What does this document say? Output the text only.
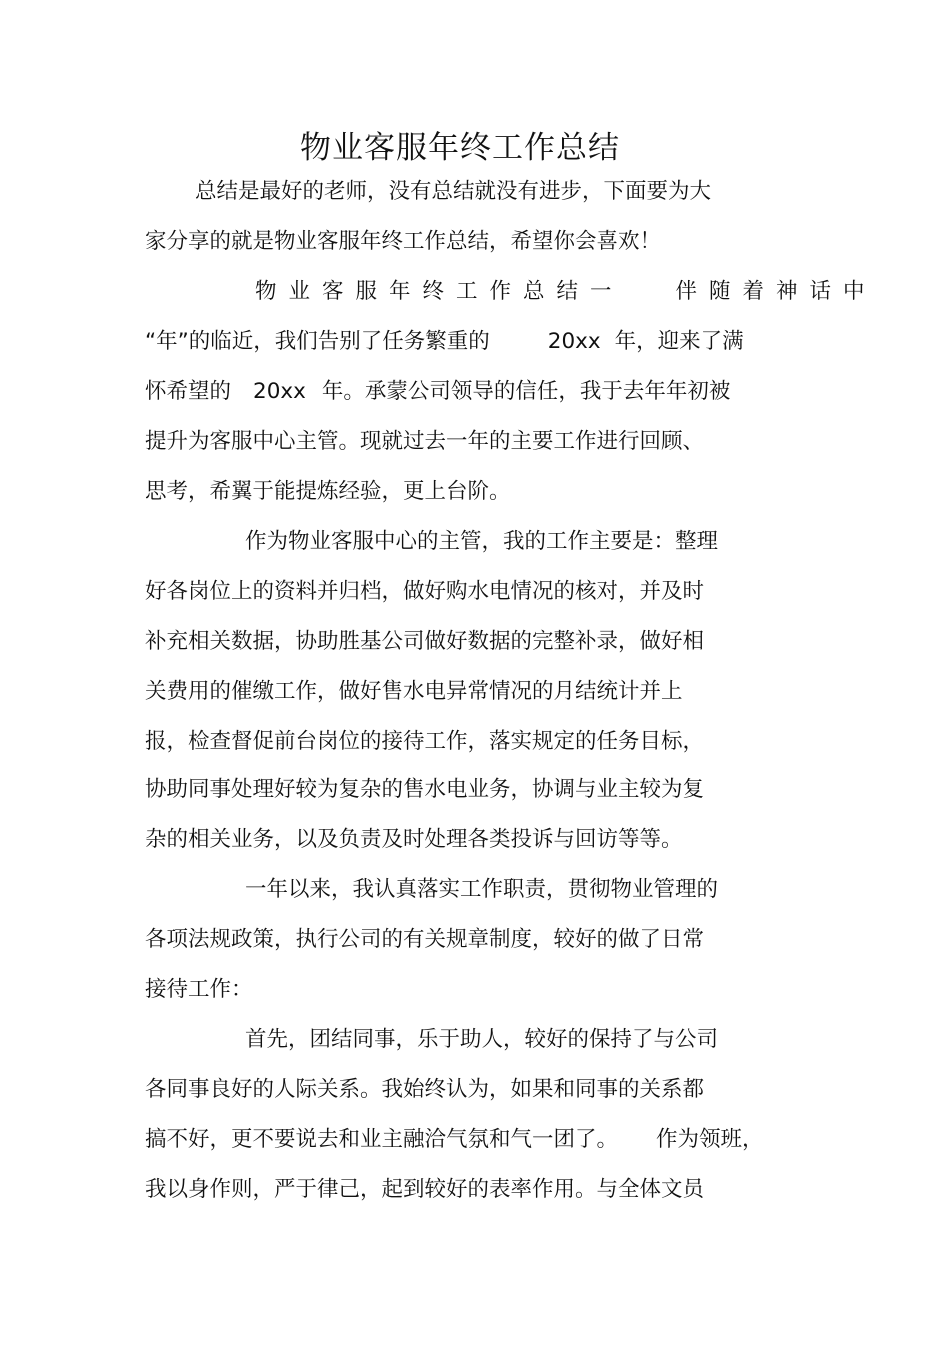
物业客服年终工作总结
总结是最好的老师，没有总结就没有进步，下面要为大
家分享的就是物业客服年终工作总结，希望你会喜欢！
物业客服年终工作总结一 伴随着神话中
“年”的临近，我们告别了任务繁重的	20xx 年，迎来了满
怀希望的 20xx 年。承蒙公司领导的信任，我于去年年初被
提升为客服中心主管。现就过去一年的主要工作进行回顾、
思考，希翼于能提炼经验，更上台阶。
作为物业客服中心的主管，我的工作主要是：整理
好各岗位上的资料并归档，做好购水电情况的核对，并及时
补充相关数据，协助胜基公司做好数据的完整补录，做好相
关费用的催缴工作，做好售水电异常情况的月结统计并上
报，检查督促前台岗位的接待工作，落实规定的任务目标，
协助同事处理好较为复杂的售水电业务，协调与业主较为复
杂的相关业务，以及负责及时处理各类投诉与回访等等。
一年以来，我认真落实工作职责，贯彻物业管理的
各项法规政策，执行公司的有关规章制度，较好的做了日常
接待工作：
首先，团结同事，乐于助人，较好的保持了与公司
各同事良好的人际关系。我始终认为，如果和同事的关系都
搞不好，更不要说去和业主融洽气氛和气一团了。 作为领班，
我以身作则，严于律己，起到较好的表率作用。与全体文员
